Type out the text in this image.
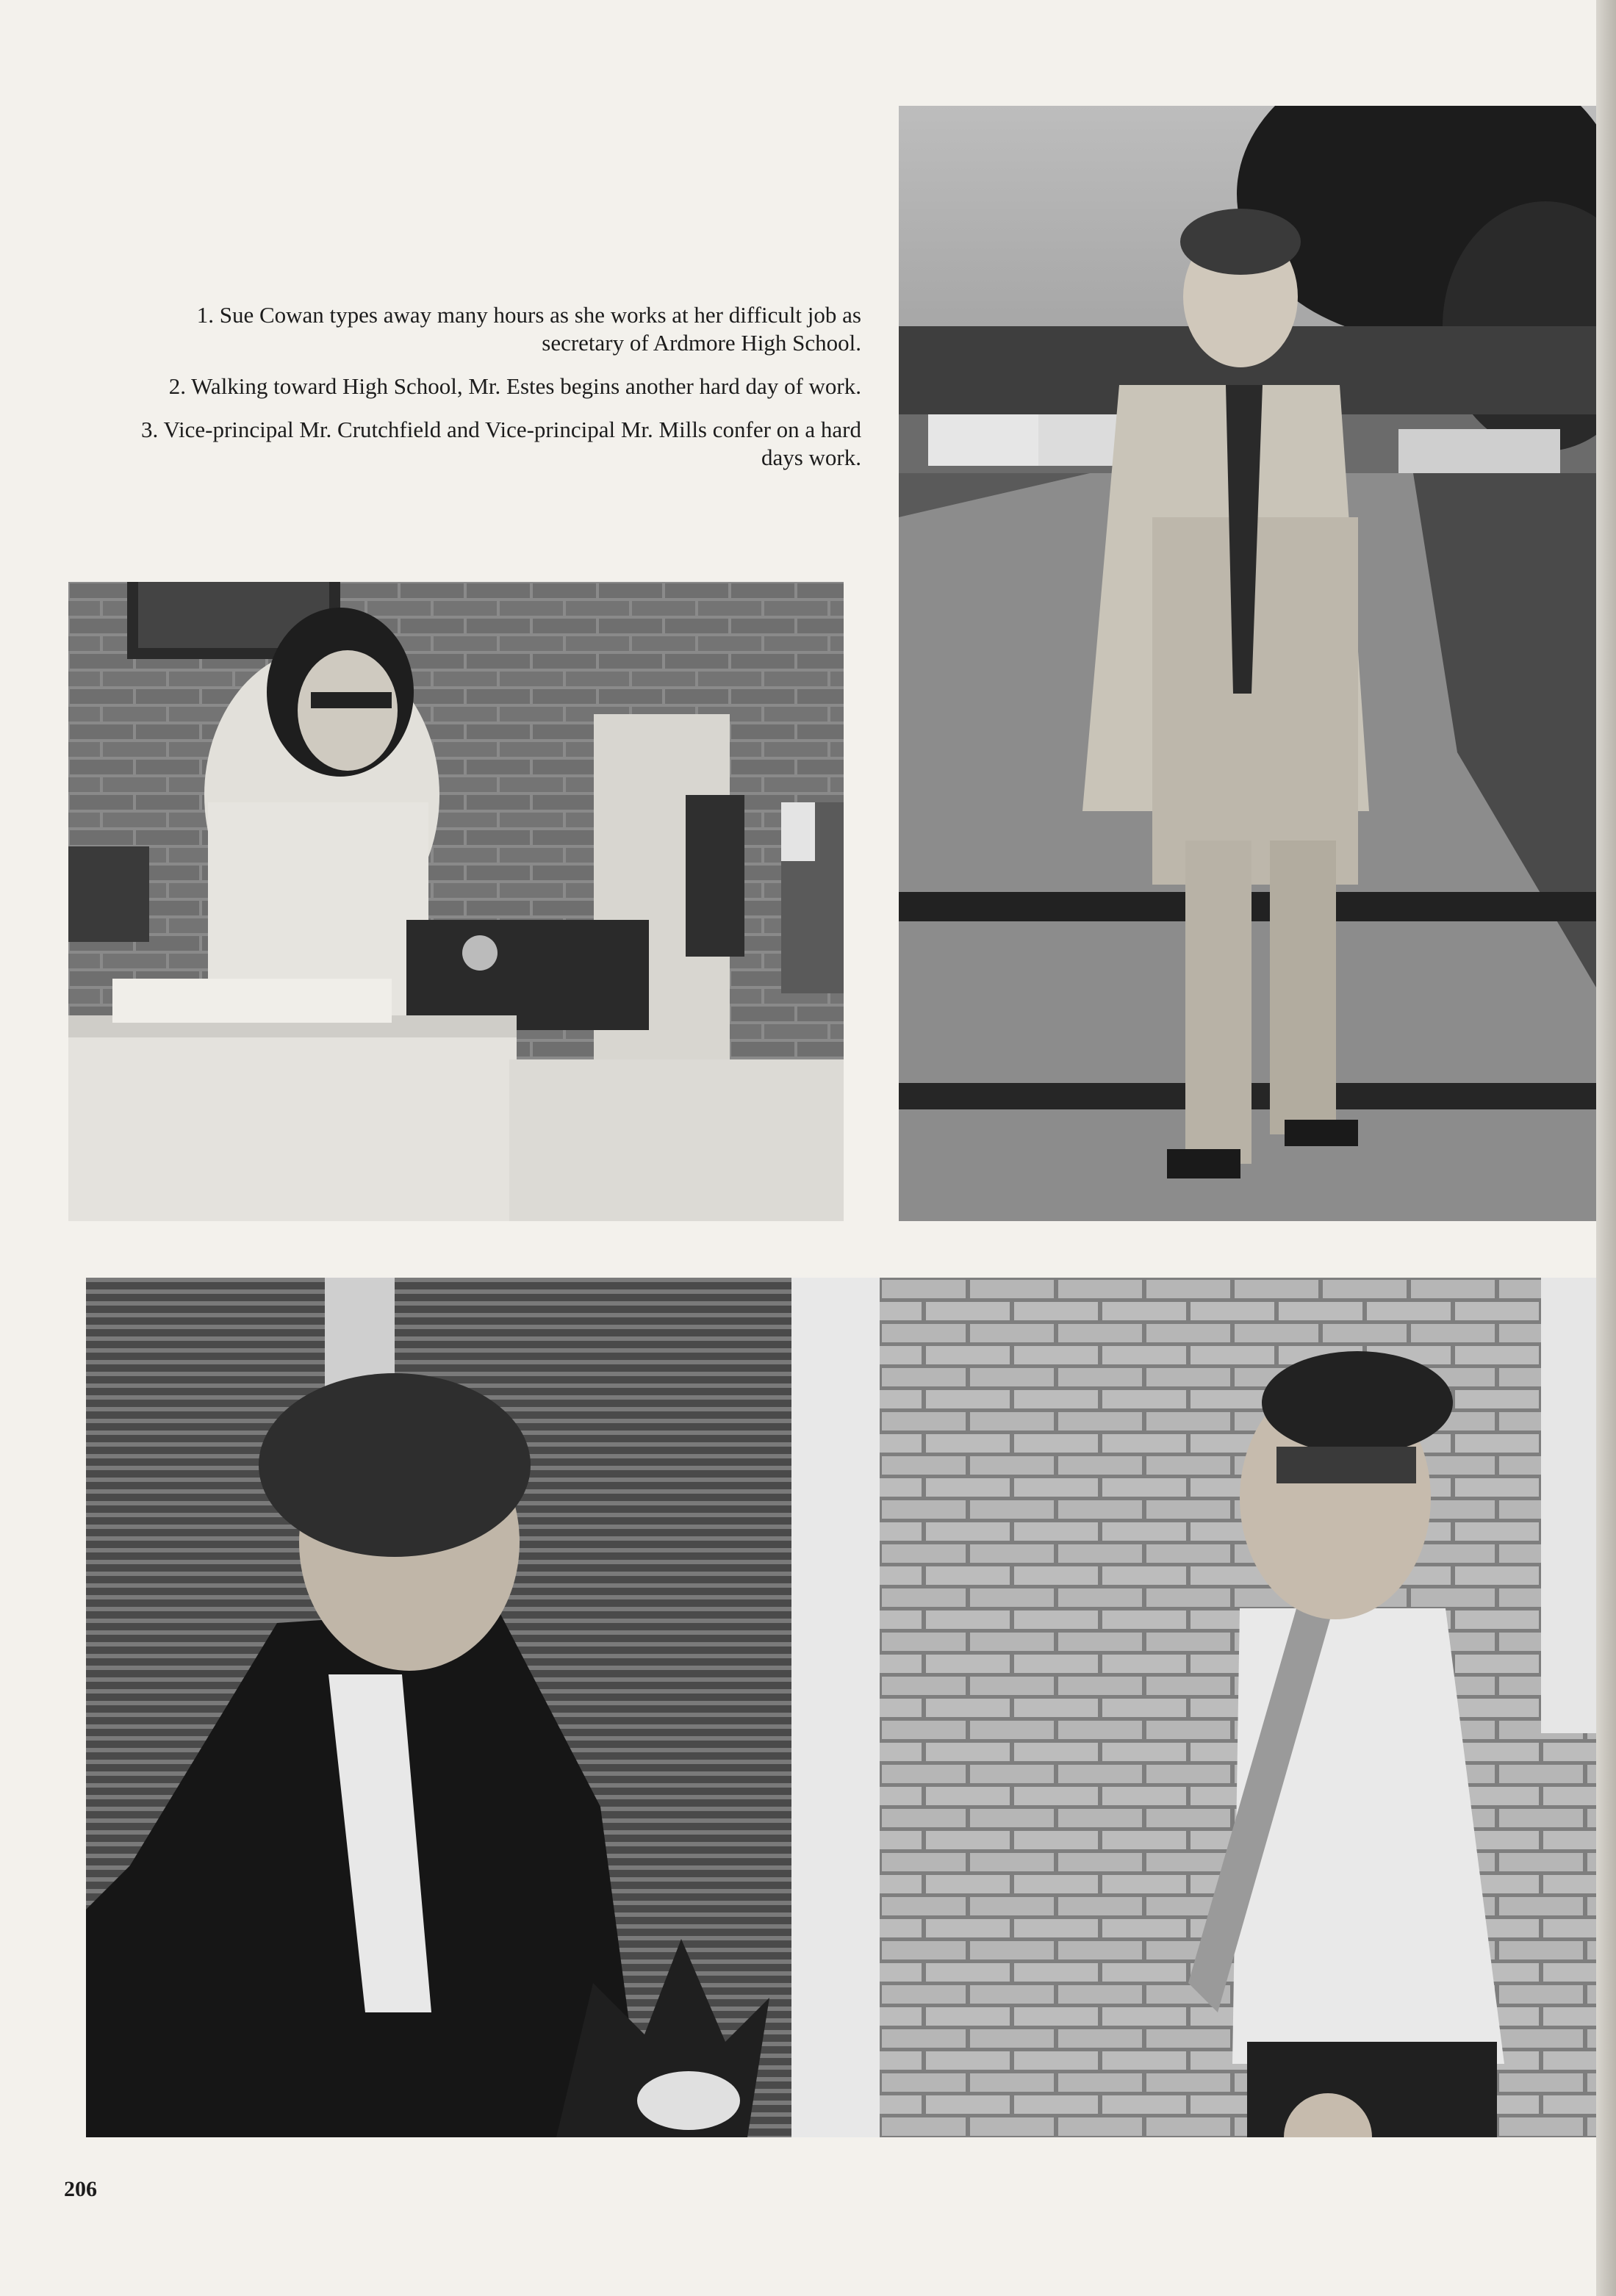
1. Sue Cowan types away many hours as she works at her difficult job as secretary of Ardmore High School.

2. Walking toward High School, Mr. Estes begins another hard day of work.

3. Vice-principal Mr. Crutchfield and Vice-principal Mr. Mills confer on a hard days work.

206
